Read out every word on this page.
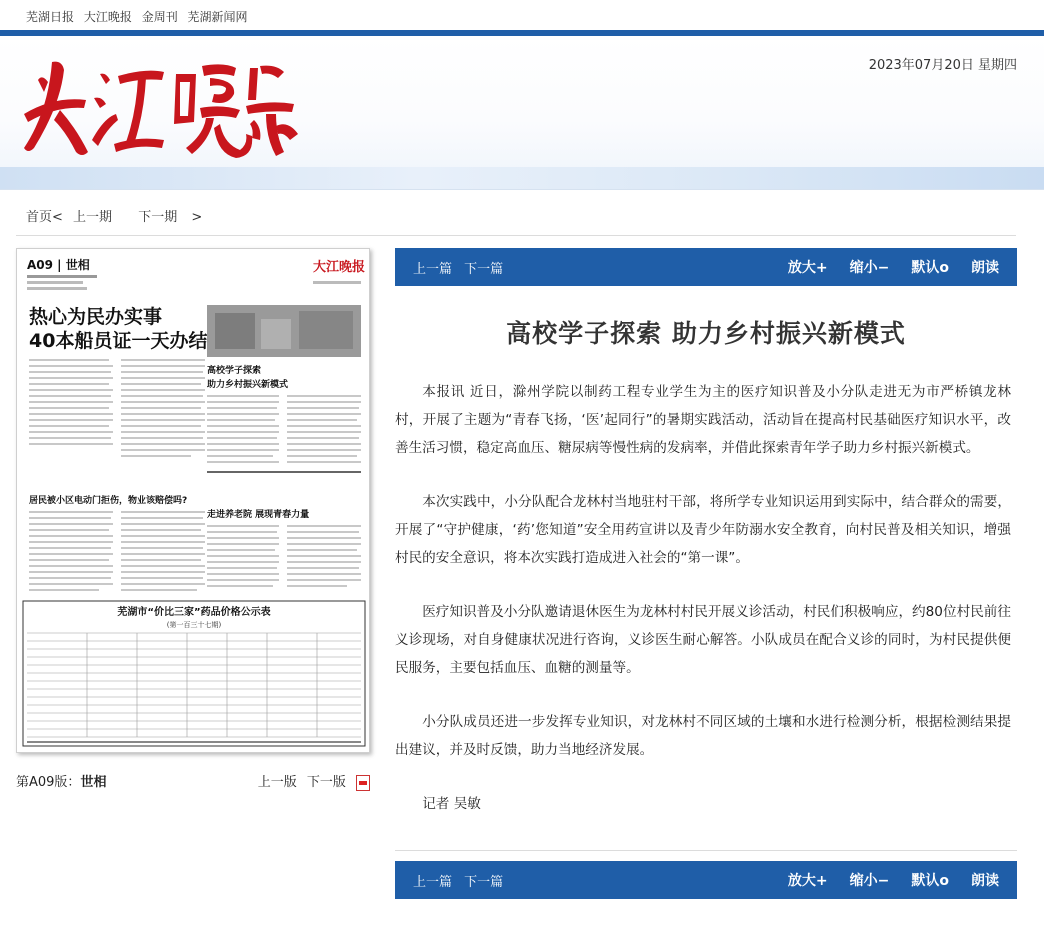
芜湖日报 大江晚报 金周刊 芜湖新闻网
2023年07月20日 星期四
首页< 上一期 下一期 >
A09 | 世相	大江晚报
热心为民办实事
40本船员证一天办结
高校学子探索
助力乡村振兴新模式
居民被小区电动门拒伤，物业该赔偿吗?
走进养老院 展现青春力量
芜湖市“价比三家”药品价格公示表
(第一百三十七期)
第A09版：世相	上一版 下一版
上一篇 下一篇	放大+ 缩小− 默认o 朗读
高校学子探索 助力乡村振兴新模式

本报讯 近日，滁州学院以制药工程专业学生为主的医疗知识普及小分队走进无为市严桥镇龙林村，开展了主题为“青春飞扬，‘医’起同行”的暑期实践活动，活动旨在提高村民基础医疗知识水平，改善生活习惯，稳定高血压、糖尿病等慢性病的发病率，并借此探索青年学子助力乡村振兴新模式。

本次实践中，小分队配合龙林村当地驻村干部，将所学专业知识运用到实际中，结合群众的需要，开展了“守护健康，‘药’您知道”安全用药宣讲以及青少年防溺水安全教育，向村民普及相关知识，增强村民的安全意识，将本次实践打造成进入社会的“第一课”。

医疗知识普及小分队邀请退休医生为龙林村村民开展义诊活动，村民们积极响应，约80位村民前往义诊现场，对自身健康状况进行咨询，义诊医生耐心解答。小队成员在配合义诊的同时，为村民提供便民服务，主要包括血压、血糖的测量等。

小分队成员还进一步发挥专业知识，对龙林村不同区域的土壤和水进行检测分析，根据检测结果提出建议，并及时反馈，助力当地经济发展。

记者 吴敏

上一篇 下一篇	放大+ 缩小− 默认o 朗读
